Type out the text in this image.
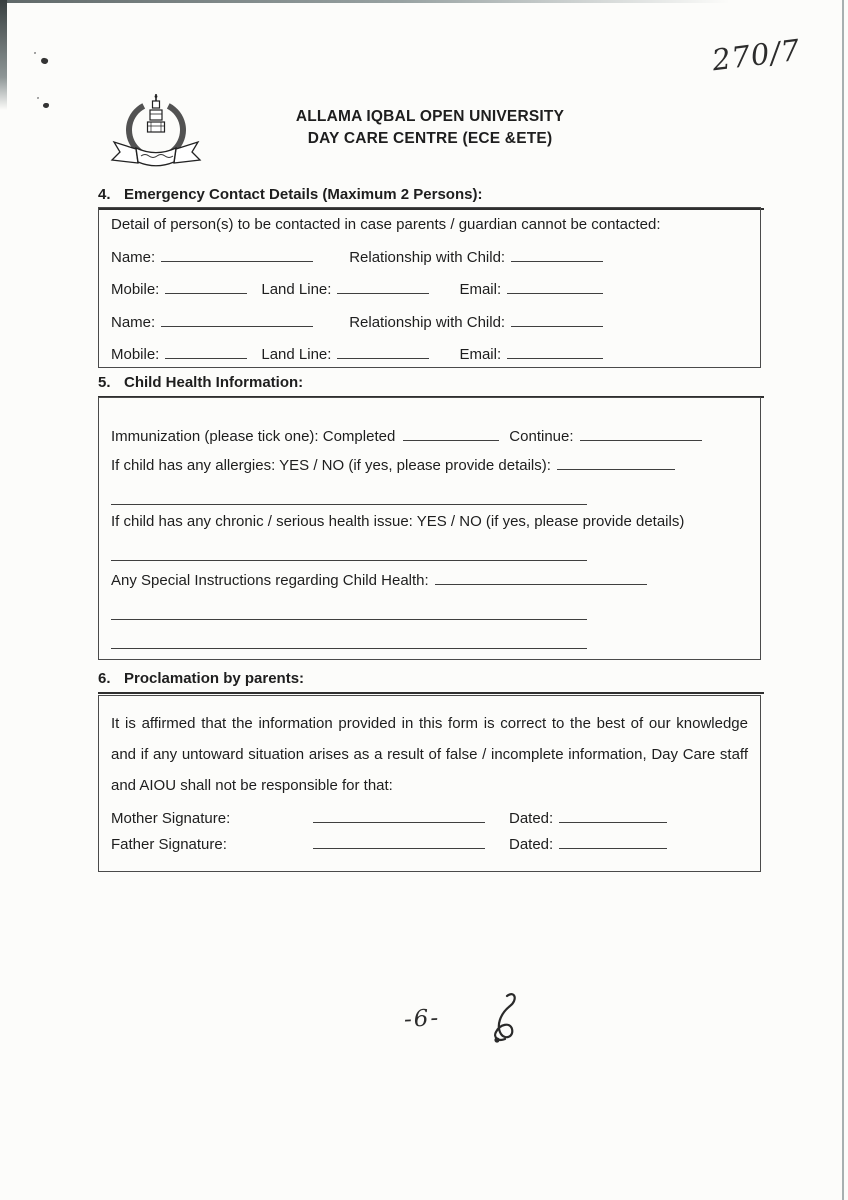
270/7
ALLAMA IQBAL OPEN UNIVERSITY
DAY CARE CENTRE (ECE &ETE)
4. Emergency Contact Details (Maximum 2 Persons):
Detail of person(s) to be contacted in case parents / guardian cannot be contacted:
Name:	Relationship with Child:
Mobile:	Land Line:	Email:
Name:	Relationship with Child:
Mobile:	Land Line:	Email:
5. Child Health Information:
Immunization (please tick one): Completed	Continue:
If child has any allergies: YES / NO (if yes, please provide details):
If child has any chronic / serious health issue: YES / NO (if yes, please provide details)
Any Special Instructions regarding Child Health:
6. Proclamation by parents:
It is affirmed that the information provided in this form is correct to the best of our knowledge and if any untoward situation arises as a result of false / incomplete information, Day Care staff and AIOU shall not be responsible for that:
Mother Signature:	Dated:
Father Signature:	Dated:
-6-
